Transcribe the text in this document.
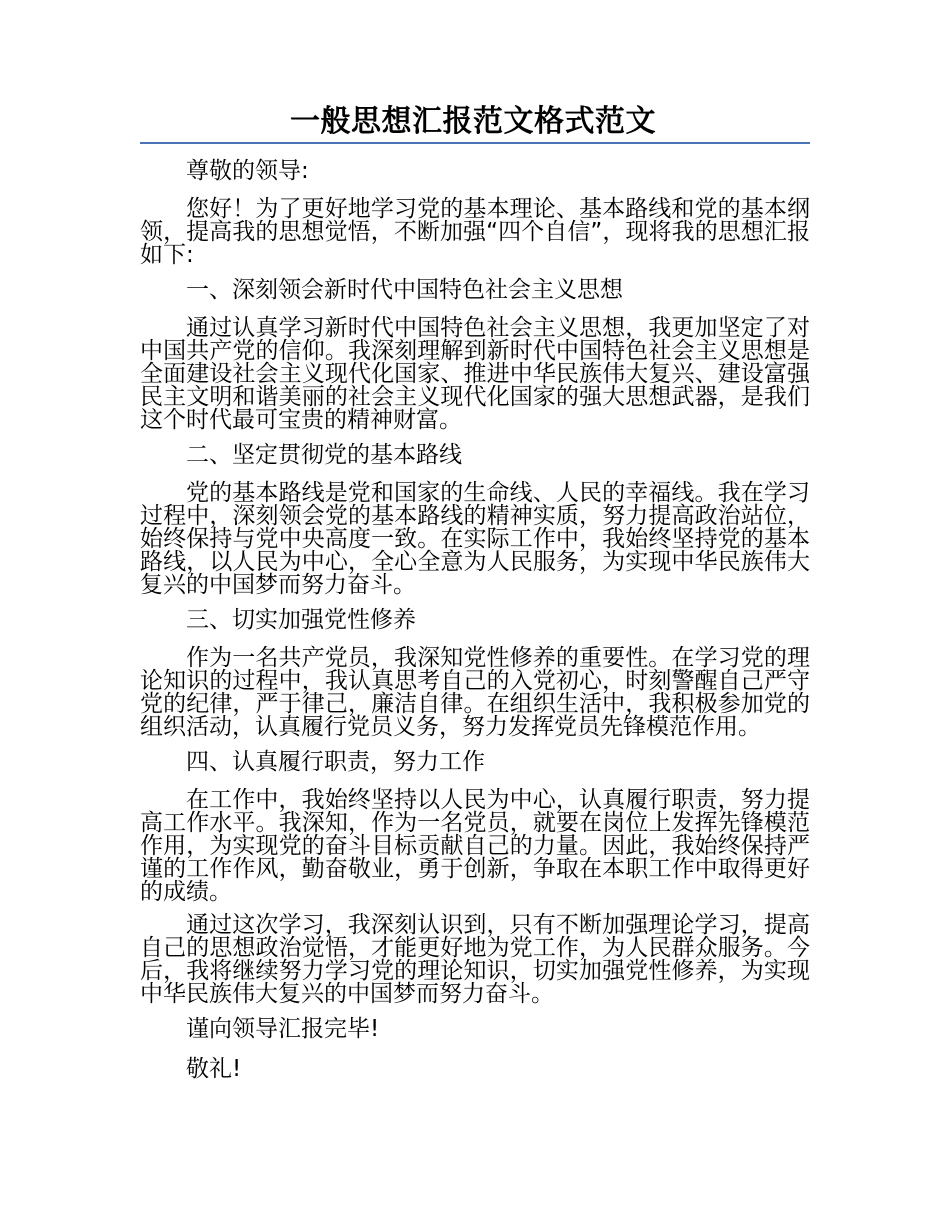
一般思想汇报范文格式范文

尊敬的领导:

您好！为了更好地学习党的基本理论、基本路线和党的基本纲领，提高我的思想觉悟，不断加强“四个自信”，现将我的思想汇报如下:

一、深刻领会新时代中国特色社会主义思想

通过认真学习新时代中国特色社会主义思想，我更加坚定了对中国共产党的信仰。我深刻理解到新时代中国特色社会主义思想是全面建设社会主义现代化国家、推进中华民族伟大复兴、建设富强民主文明和谐美丽的社会主义现代化国家的强大思想武器，是我们这个时代最可宝贵的精神财富。

二、坚定贯彻党的基本路线

党的基本路线是党和国家的生命线、人民的幸福线。我在学习过程中，深刻领会党的基本路线的精神实质，努力提高政治站位，始终保持与党中央高度一致。在实际工作中，我始终坚持党的基本路线，以人民为中心，全心全意为人民服务，为实现中华民族伟大复兴的中国梦而努力奋斗。

三、切实加强党性修养

作为一名共产党员，我深知党性修养的重要性。在学习党的理论知识的过程中，我认真思考自己的入党初心，时刻警醒自己严守党的纪律，严于律己，廉洁自律。在组织生活中，我积极参加党的组织活动，认真履行党员义务，努力发挥党员先锋模范作用。

四、认真履行职责，努力工作

在工作中，我始终坚持以人民为中心，认真履行职责，努力提高工作水平。我深知，作为一名党员，就要在岗位上发挥先锋模范作用，为实现党的奋斗目标贡献自己的力量。因此，我始终保持严谨的工作作风，勤奋敬业，勇于创新，争取在本职工作中取得更好的成绩。

通过这次学习，我深刻认识到，只有不断加强理论学习，提高自己的思想政治觉悟，才能更好地为党工作，为人民群众服务。今后，我将继续努力学习党的理论知识，切实加强党性修养，为实现中华民族伟大复兴的中国梦而努力奋斗。

谨向领导汇报完毕!

敬礼!
